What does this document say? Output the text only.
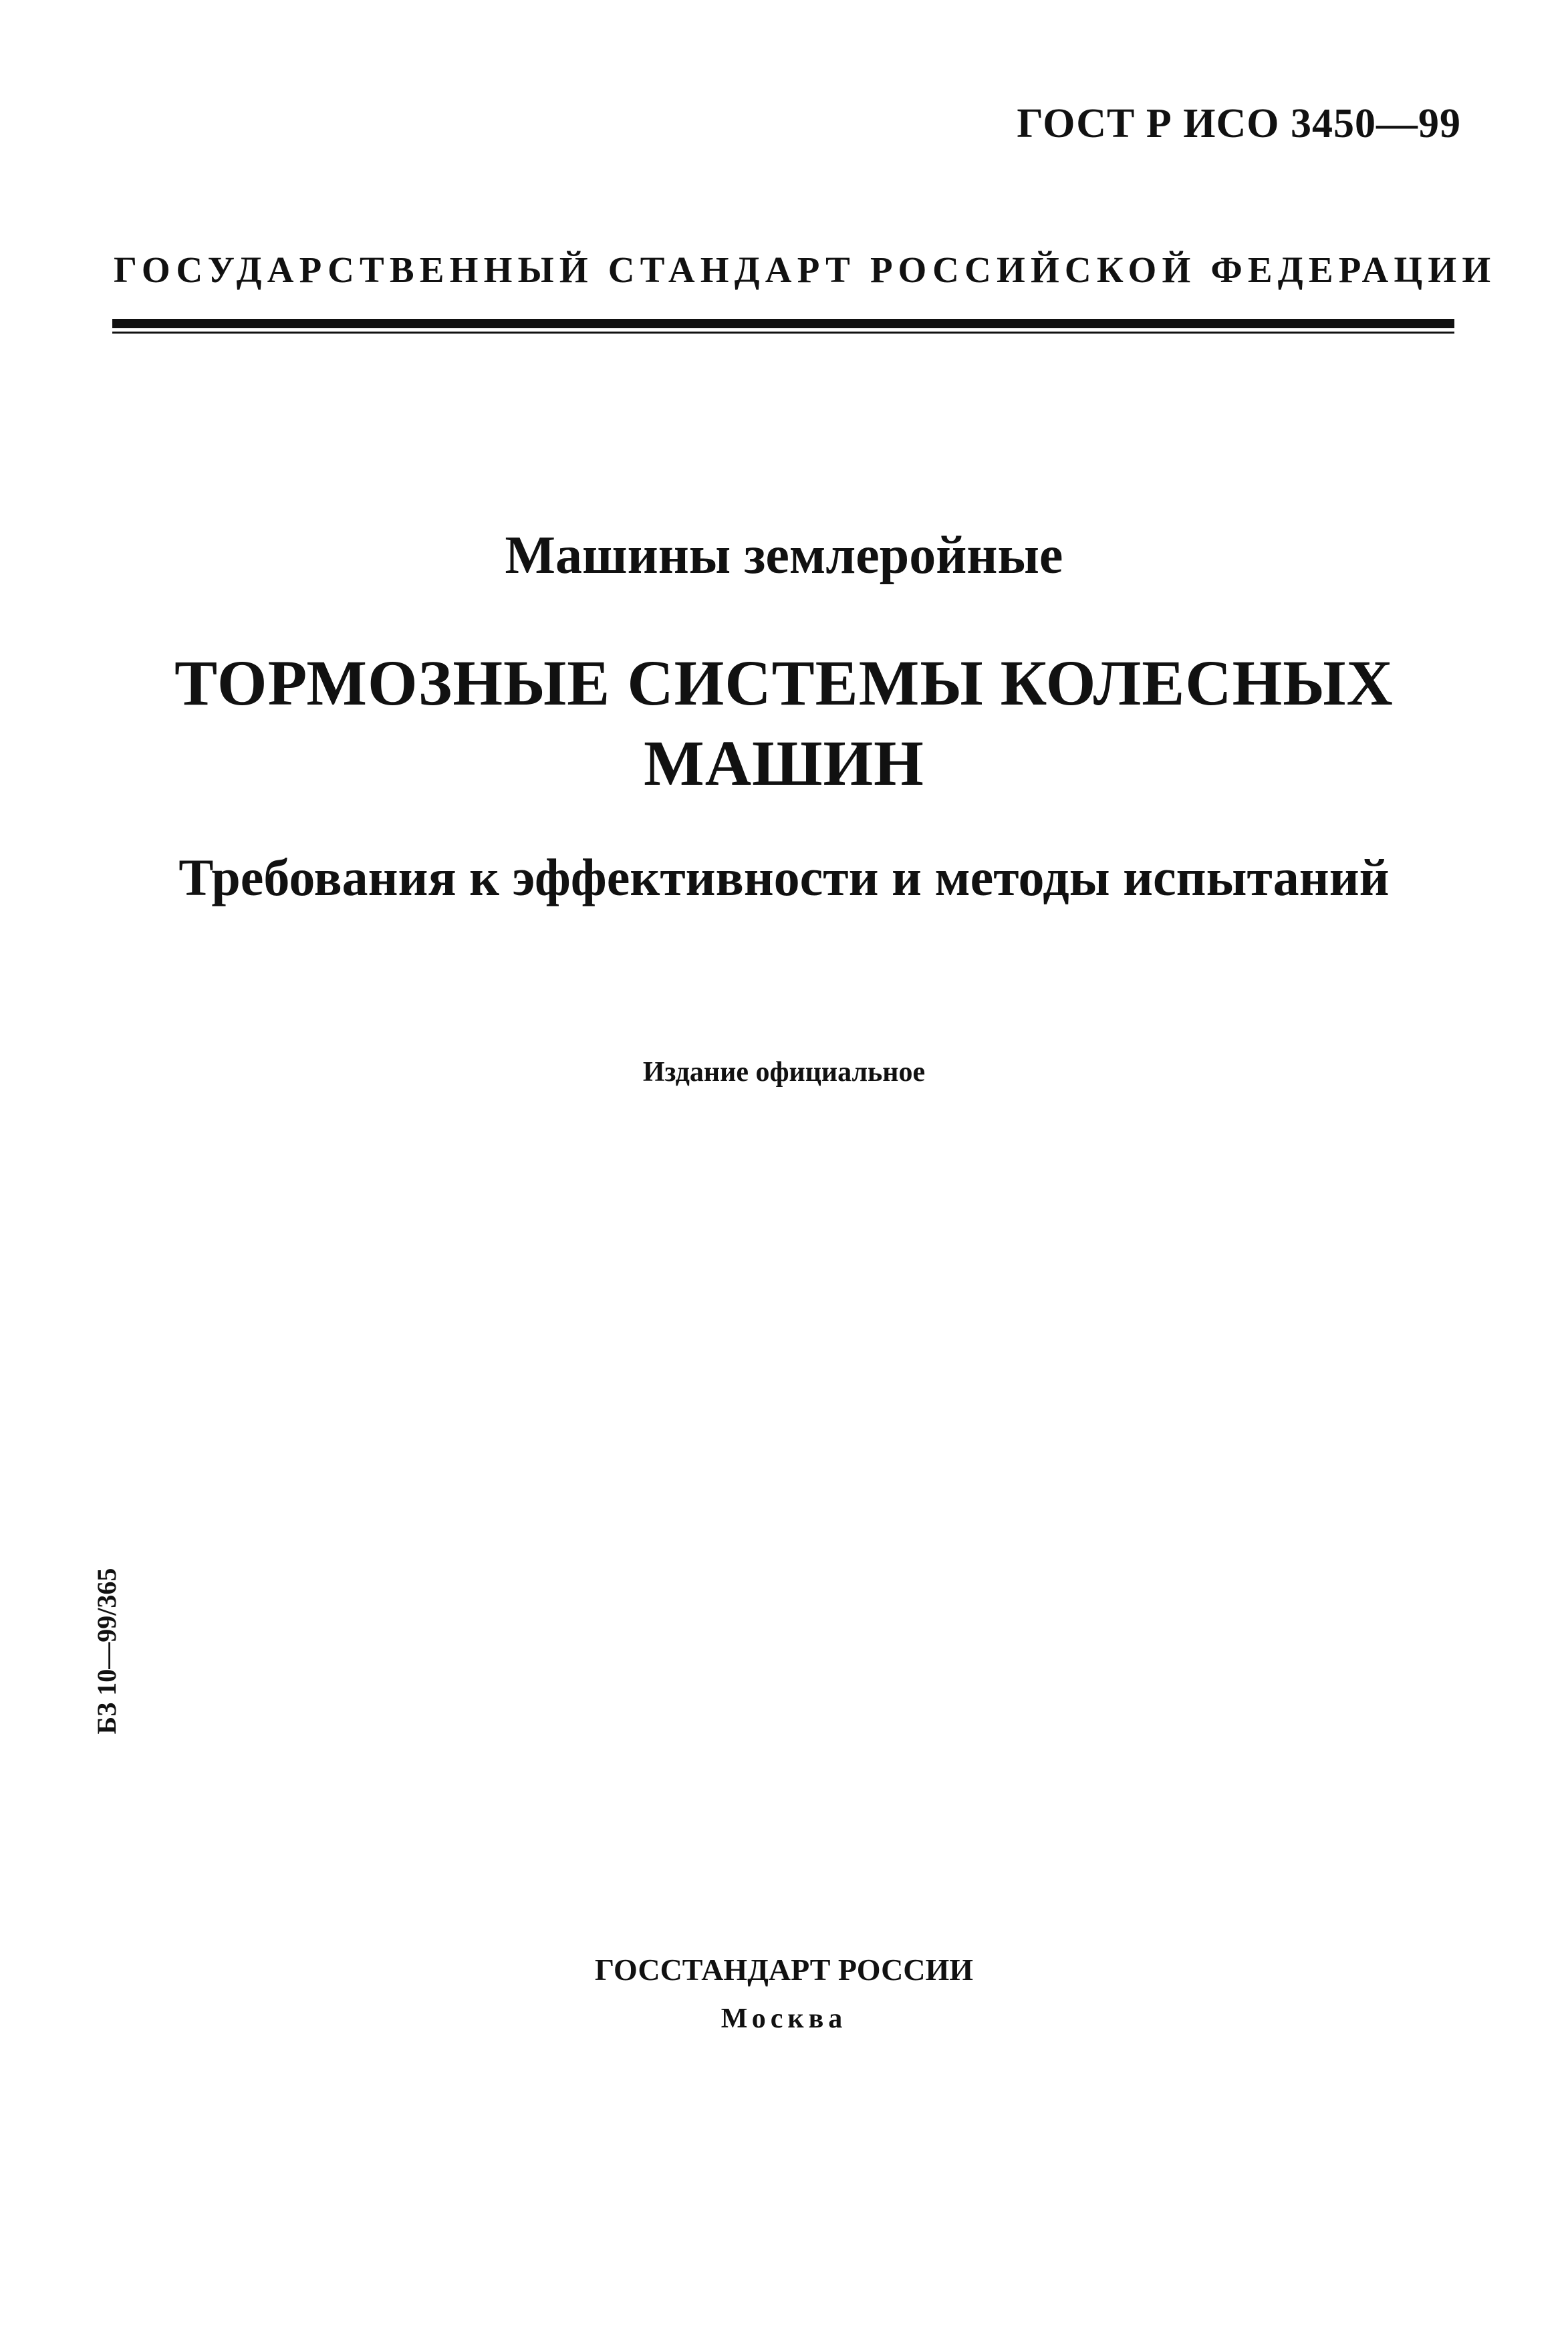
ГОСТ Р ИСО 3450—99
ГОСУДАРСТВЕННЫЙ СТАНДАРТ РОССИЙСКОЙ ФЕДЕРАЦИИ
Машины землеройные
ТОРМОЗНЫЕ СИСТЕМЫ КОЛЕСНЫХ
МАШИН
Требования к эффективности и методы испытаний
Издание официальное
БЗ 10—99/365
ГОССТАНДАРТ РОССИИ
Москва
